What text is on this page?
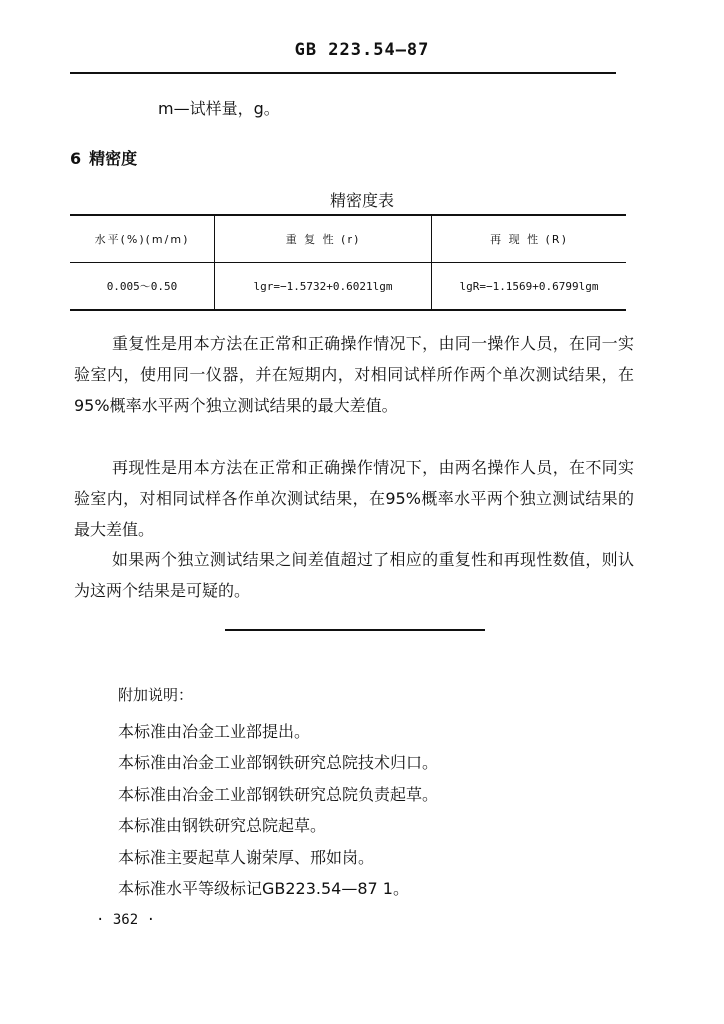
GB 223.54—87
m—试样量，g。
6 精密度
精密度表
水平(%)(m/m)	重 复 性 (r)	再 现 性 (R)
0.005～0.50	lgr=−1.5732+0.6021lgm	lgR=−1.1569+0.6799lgm
重复性是用本方法在正常和正确操作情况下，由同一操作人员，在同一实验室内，使用同一仪器，并在短期内，对相同试样所作两个单次测试结果，在95%概率水平两个独立测试结果的最大差值。
再现性是用本方法在正常和正确操作情况下，由两名操作人员，在不同实验室内，对相同试样各作单次测试结果，在95%概率水平两个独立测试结果的最大差值。
如果两个独立测试结果之间差值超过了相应的重复性和再现性数值，则认为这两个结果是可疑的。
附加说明：
本标准由冶金工业部提出。
本标准由冶金工业部钢铁研究总院技术归口。
本标准由冶金工业部钢铁研究总院负责起草。
本标准由钢铁研究总院起草。
本标准主要起草人谢荣厚、邢如岗。
本标准水平等级标记GB223.54—87 1。
· 362 ·
